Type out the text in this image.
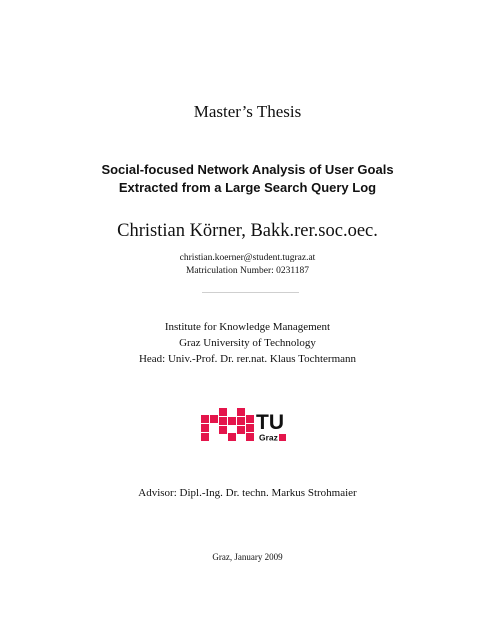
Master’s Thesis
Social-focused Network Analysis of User Goals
Extracted from a Large Search Query Log
Christian Körner, Bakk.rer.soc.oec.
christian.koerner@student.tugraz.at
Matriculation Number: 0231187
Institute for Knowledge Management
Graz University of Technology
Head: Univ.-Prof. Dr. rer.nat. Klaus Tochtermann
TU
Graz
Advisor: Dipl.-Ing. Dr. techn. Markus Strohmaier
Graz, January 2009
